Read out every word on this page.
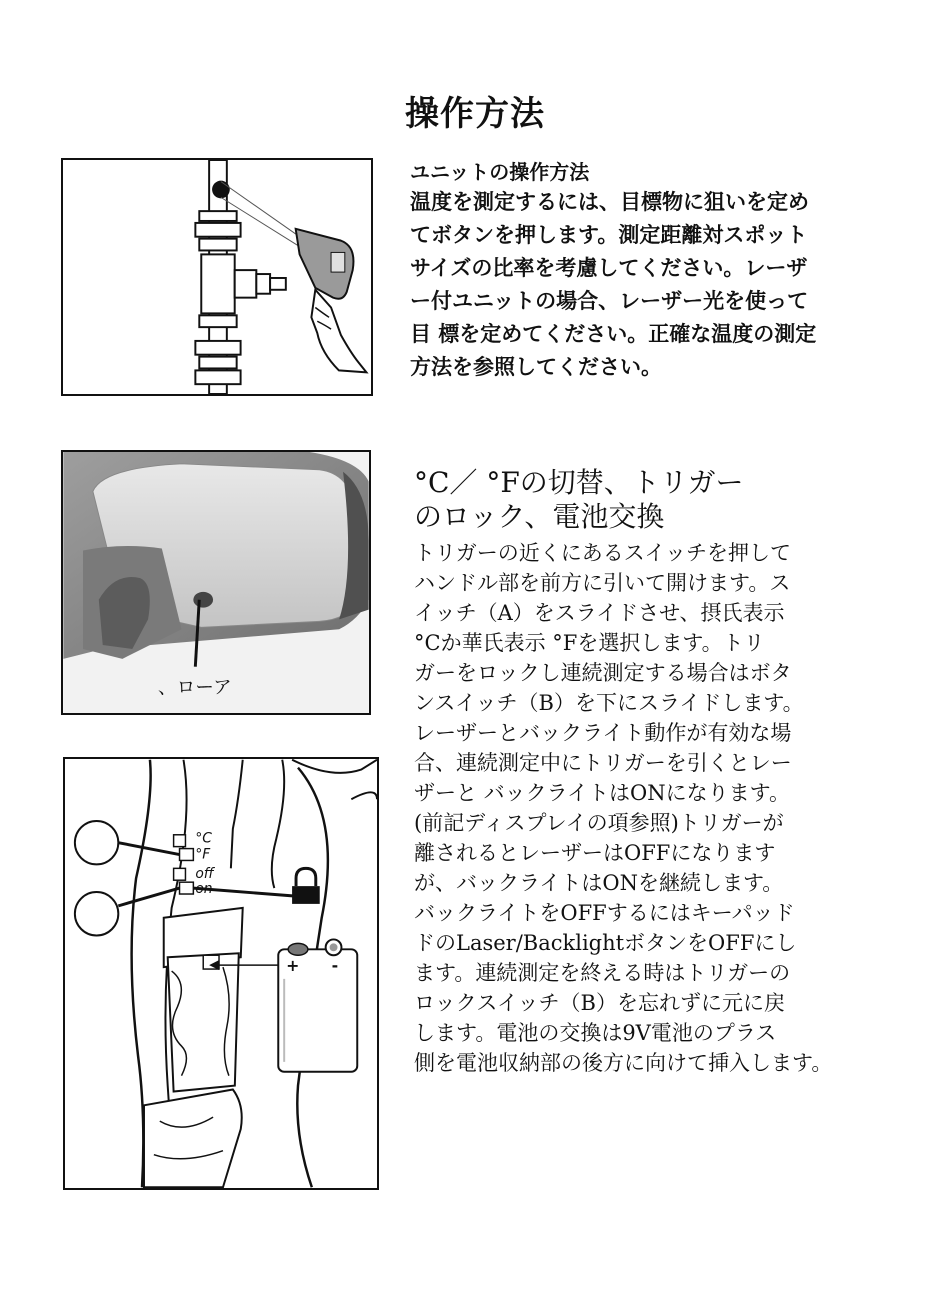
操作方法
ユニットの操作方法
温度を測定するには、目標物に狙いを定め
てボタンを押します。測定距離対スポット
サイズの比率を考慮してください。レーザ
ー付ユニットの場合、レーザー光を使って
目 標を定めてください。正確な温度の測定
方法を参照してください。
、ローア
°C／ °Fの切替、トリガー
のロック、電池交換
トリガーの近くにあるスイッチを押して
ハンドル部を前方に引いて開けます。ス
イッチ（A）をスライドさせ、摂氏表示
°Cか華氏表示 °Fを選択します。トリ
ガーをロックし連続測定する場合はボタ
ンスイッチ（B）を下にスライドします。
レーザーとバックライト動作が有効な場
合、連続測定中にトリガーを引くとレー
ザーと バックライトはONになります。
(前記ディスプレイの項参照)トリガーが
離されるとレーザーはOFFになります
が、バックライトはONを継続します。
バックライトをOFFするにはキーパッド
ドのLaser/BacklightボタンをOFFにし
ます。連続測定を終える時はトリガーの
ロックスイッチ（B）を忘れずに元に戻
します。電池の交換は9V電池のプラス
側を電池収納部の後方に向けて挿入します。
°C
°F
off
on
+ -
